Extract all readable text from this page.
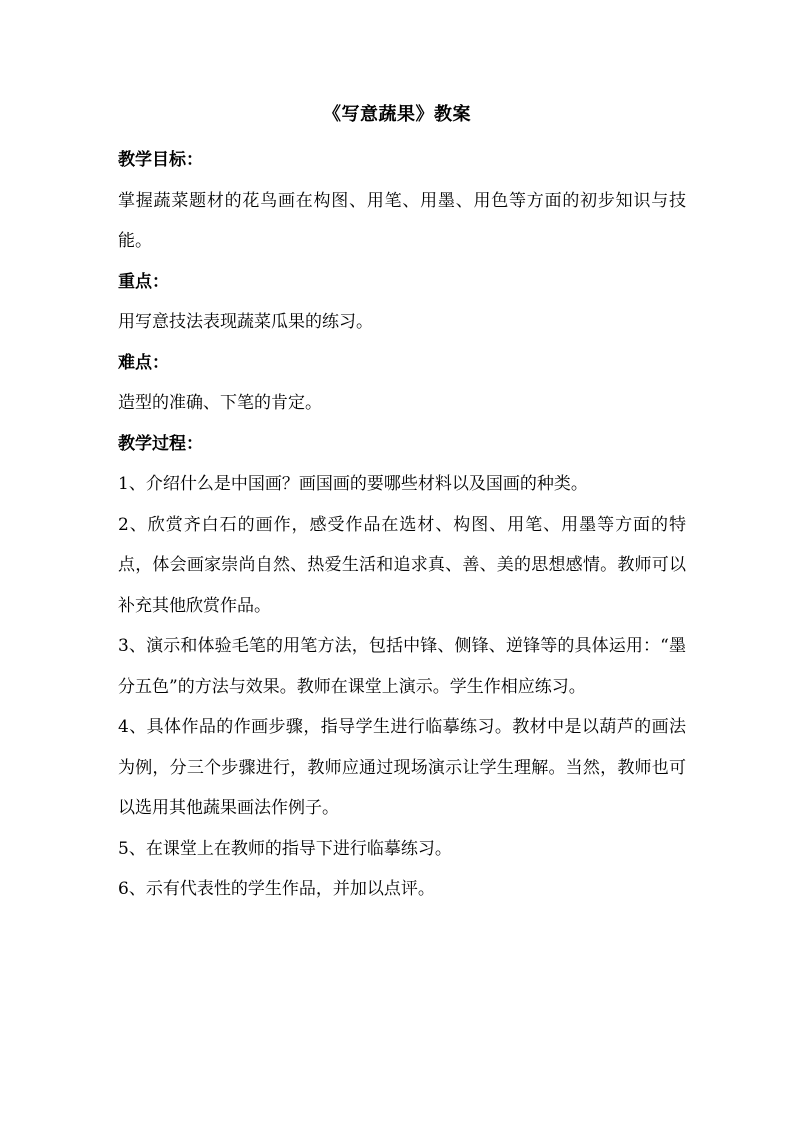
《写意蔬果》教案

教学目标：

掌握蔬菜题材的花鸟画在构图、用笔、用墨、用色等方面的初步知识与技能。

重点：

用写意技法表现蔬菜瓜果的练习。

难点：

造型的准确、下笔的肯定。

教学过程：

1、介绍什么是中国画？画国画的要哪些材料以及国画的种类。

2、欣赏齐白石的画作，感受作品在选材、构图、用笔、用墨等方面的特点，体会画家崇尚自然、热爱生活和追求真、善、美的思想感情。教师可以补充其他欣赏作品。

3、演示和体验毛笔的用笔方法，包括中锋、侧锋、逆锋等的具体运用：“墨分五色”的方法与效果。教师在课堂上演示。学生作相应练习。

4、具体作品的作画步骤，指导学生进行临摹练习。教材中是以葫芦的画法为例，分三个步骤进行，教师应通过现场演示让学生理解。当然，教师也可以选用其他蔬果画法作例子。

5、在课堂上在教师的指导下进行临摹练习。

6、示有代表性的学生作品，并加以点评。
